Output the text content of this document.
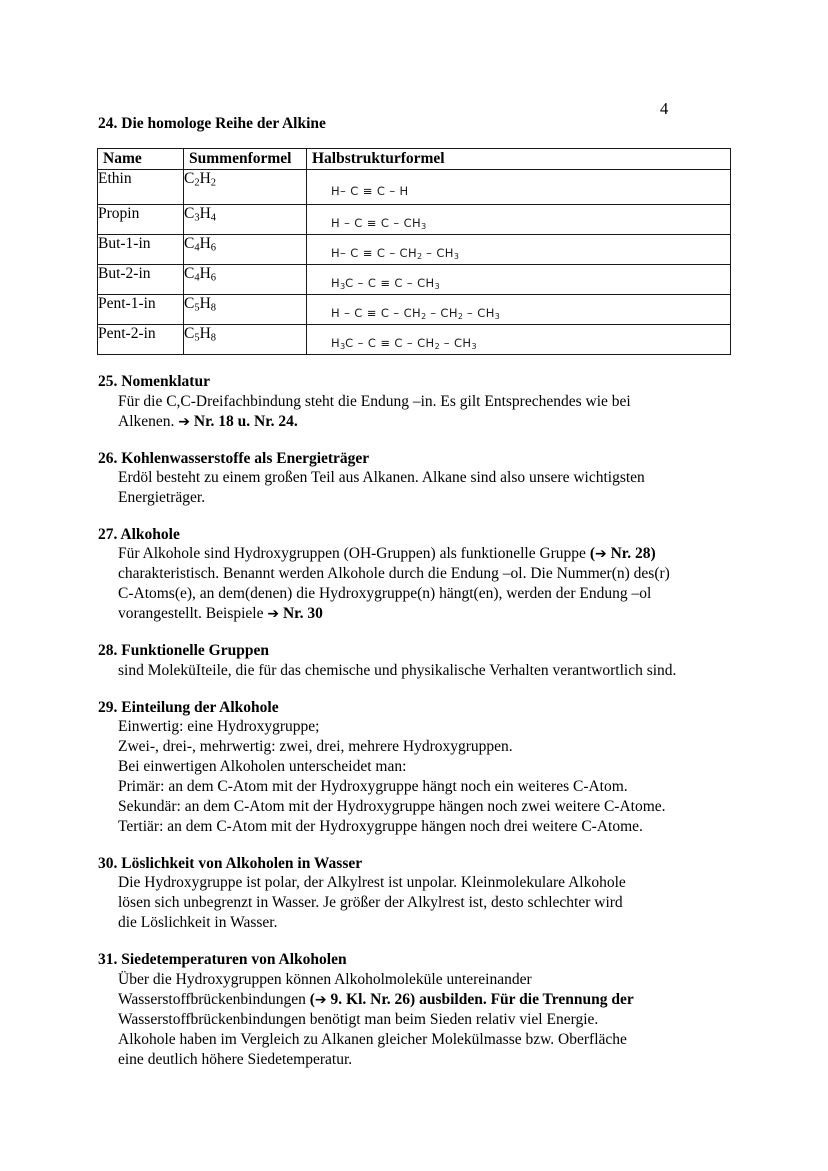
4
24. Die homologe Reihe der Alkine
Name	Summenformel	Halbstrukturformel
Ethin	$C_2H_2$	H– C ≡ C – H

Propin	$C_3H_4$	$H - C \equiv C - CH_3$

But-1-in	$C_4H_6$	H– $C \equiv C - CH_2 - CH_3$

But-2-in	$C_4H_6$	$H_3C - C \equiv C - CH_3$

Pent-1-in	$C_5H_8$	$H - C \equiv C - CH_2 - CH_2 - CH_3$

Pent-2-in	$C_5H_8$	$H_3C - C \equiv C - CH_2 - CH_3$
25. Nomenklatur
Für die C,C-Dreifachbindung steht die Endung –in. Es gilt Entsprechendes wie bei
Alkenen. ➔ Nr. 18 u. Nr. 24.
26. Kohlenwasserstoffe als Energieträger
Erdöl besteht zu einem großen Teil aus Alkanen. Alkane sind also unsere wichtigsten
Energieträger.
27. Alkohole
Für Alkohole sind Hydroxygruppen (OH-Gruppen) als funktionelle Gruppe (➔ Nr. 28)
charakteristisch. Benannt werden Alkohole durch die Endung –ol. Die Nummer(n) des(r)
C-Atoms(e), an dem(denen) die Hydroxygruppe(n) hängt(en), werden der Endung –ol
vorangestellt. Beispiele ➔ Nr. 30
28. Funktionelle Gruppen
sind MoleküIteile, die für das chemische und physikalische Verhalten verantwortlich sind.
29. Einteilung der Alkohole
Einwertig: eine Hydroxygruppe;
Zwei-, drei-, mehrwertig: zwei, drei, mehrere Hydroxygruppen.
Bei einwertigen Alkoholen unterscheidet man:
Primär: an dem C-Atom mit der Hydroxygruppe hängt noch ein weiteres C-Atom.
Sekundär: an dem C-Atom mit der Hydroxygruppe hängen noch zwei weitere C-Atome.
Tertiär: an dem C-Atom mit der Hydroxygruppe hängen noch drei weitere C-Atome.
30. Löslichkeit von Alkoholen in Wasser
Die Hydroxygruppe ist polar, der Alkylrest ist unpolar. Kleinmolekulare Alkohole
lösen sich unbegrenzt in Wasser. Je größer der Alkylrest ist, desto schlechter wird
die Löslichkeit in Wasser.
31. Siedetemperaturen von Alkoholen
Über die Hydroxygruppen können Alkoholmoleküle untereinander
Wasserstoffbrückenbindungen (➔ 9. Kl. Nr. 26) ausbilden. Für die Trennung der
Wasserstoffbrückenbindungen benötigt man beim Sieden relativ viel Energie.
Alkohole haben im Vergleich zu Alkanen gleicher Molekülmasse bzw. Oberfläche
eine deutlich höhere Siedetemperatur.
